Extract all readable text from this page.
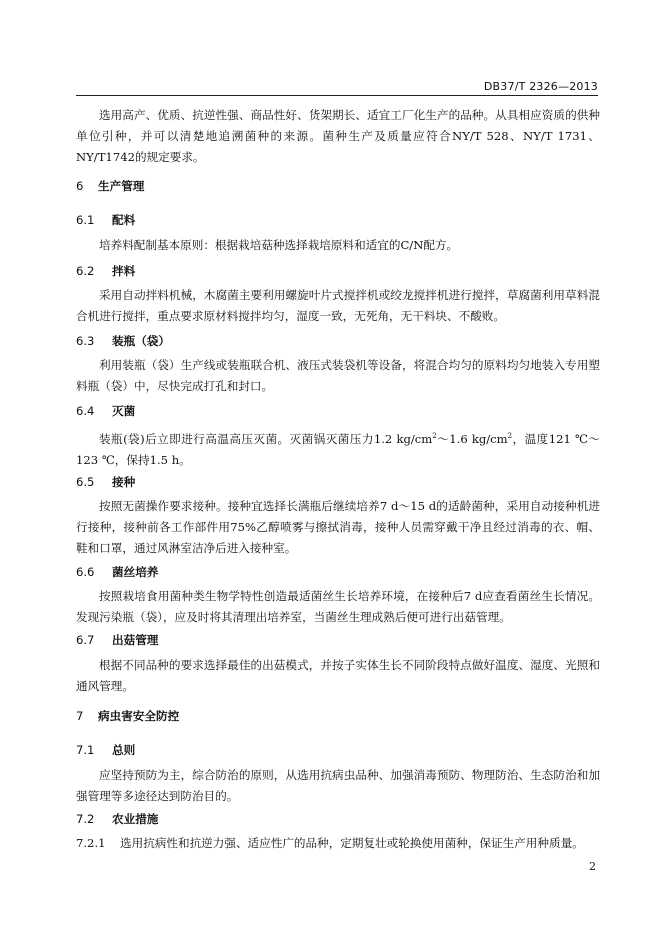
DB37/T 2326—2013
选用高产、优质、抗逆性强、商品性好、货架期长、适宜工厂化生产的品种。从具相应资质的供种单位引种，并可以清楚地追溯菌种的来源。菌种生产及质量应符合NY/T 528、NY/T 1731、NY/T1742的规定要求。
6 生产管理
6.1 配料
培养料配制基本原则：根据栽培菇种选择栽培原料和适宜的C/N配方。
6.2 拌料
采用自动拌料机械，木腐菌主要利用螺旋叶片式搅拌机或绞龙搅拌机进行搅拌，草腐菌利用草料混合机进行搅拌，重点要求原材料搅拌均匀，湿度一致，无死角，无干料块、不酸败。
6.3 装瓶（袋）
利用装瓶（袋）生产线或装瓶联合机、液压式装袋机等设备，将混合均匀的原料均匀地装入专用塑料瓶（袋）中，尽快完成打孔和封口。
6.4 灭菌
装瓶(袋)后立即进行高温高压灭菌。灭菌锅灭菌压力1.2 $kg/cm^2\sim 1.6$ $kg/cm^2$，温度121 ℃～123 ℃，保持1.5 h。
6.5 接种
按照无菌操作要求接种。接种宜选择长满瓶后继续培养7 d～15 d的适龄菌种，采用自动接种机进行接种，接种前各工作部件用75%乙醇喷雾与擦拭消毒，接种人员需穿戴干净且经过消毒的衣、帽、鞋和口罩，通过风淋室洁净后进入接种室。
6.6 菌丝培养
按照栽培食用菌种类生物学特性创造最适菌丝生长培养环境，在接种后7 d应查看菌丝生长情况。发现污染瓶（袋），应及时将其清理出培养室，当菌丝生理成熟后便可进行出菇管理。
6.7 出菇管理
根据不同品种的要求选择最佳的出菇模式，并按子实体生长不同阶段特点做好温度、湿度、光照和通风管理。
7 病虫害安全防控
7.1 总则
应坚持预防为主，综合防治的原则，从选用抗病虫品种、加强消毒预防、物理防治、生态防治和加强管理等多途径达到防治目的。
7.2 农业措施
7.2.1 选用抗病性和抗逆力强、适应性广的品种，定期复壮或轮换使用菌种，保证生产用种质量。
2
